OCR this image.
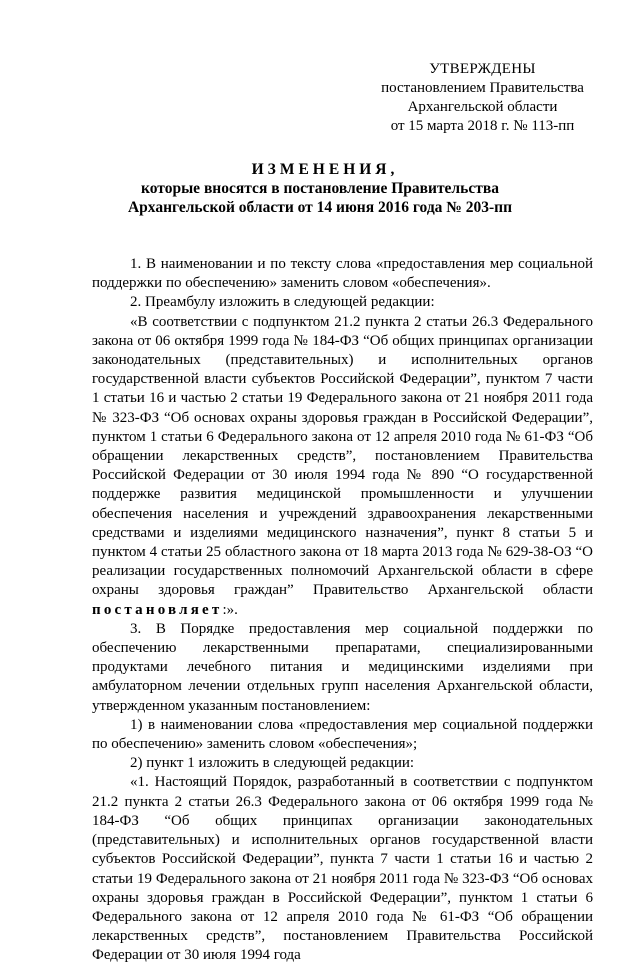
УТВЕРЖДЕНЫ
постановлением Правительства
Архангельской области
от 15 марта 2018 г. № 113-пп
ИЗМЕНЕНИЯ,
которые вносятся в постановление Правительства
Архангельской области от 14 июня 2016 года № 203-пп

1. В наименовании и по тексту слова «предоставления мер социальной поддержки по обеспечению» заменить словом «обеспечения».

2. Преамбулу изложить в следующей редакции:

«В соответствии с подпунктом 21.2 пункта 2 статьи 26.3 Федерального закона от 06 октября 1999 года № 184-ФЗ “Об общих принципах организации законодательных (представительных) и исполнительных органов государственной власти субъектов Российской Федерации”, пунктом 7 части 1 статьи 16 и частью 2 статьи 19 Федерального закона от 21 ноября 2011 года № 323-ФЗ “Об основах охраны здоровья граждан в Российской Федерации”, пунктом 1 статьи 6 Федерального закона от 12 апреля 2010 года № 61-ФЗ “Об обращении лекарственных средств”, постановлением Правительства Российской Федерации от 30 июля 1994 года № 890 “О государственной поддержке развития медицинской промышленности и улучшении обеспечения населения и учреждений здравоохранения лекарственными средствами и изделиями медицинского назначения”, пункт 8 статьи 5 и пунктом 4 статьи 25 областного закона от 18 марта 2013 года № 629-38-ОЗ “О реализации государственных полномочий Архангельской области в сфере охраны здоровья граждан” Правительство Архангельской области постановляет:».

3. В Порядке предоставления мер социальной поддержки по обеспечению лекарственными препаратами, специализированными продуктами лечебного питания и медицинскими изделиями при амбулаторном лечении отдельных групп населения Архангельской области, утвержденном указанным постановлением:

1) в наименовании слова «предоставления мер социальной поддержки по обеспечению» заменить словом «обеспечения»;

2) пункт 1 изложить в следующей редакции:

«1. Настоящий Порядок, разработанный в соответствии с подпунктом 21.2 пункта 2 статьи 26.3 Федерального закона от 06 октября 1999 года № 184-ФЗ “Об общих принципах организации законодательных (представительных) и исполнительных органов государственной власти субъектов Российской Федерации”, пункта 7 части 1 статьи 16 и частью 2 статьи 19 Федерального закона от 21 ноября 2011 года № 323-ФЗ “Об основах охраны здоровья граждан в Российской Федерации”, пунктом 1 статьи 6 Федерального закона от 12 апреля 2010 года № 61-ФЗ “Об обращении лекарственных средств”, постановлением Правительства Российской Федерации от 30 июля 1994 года
